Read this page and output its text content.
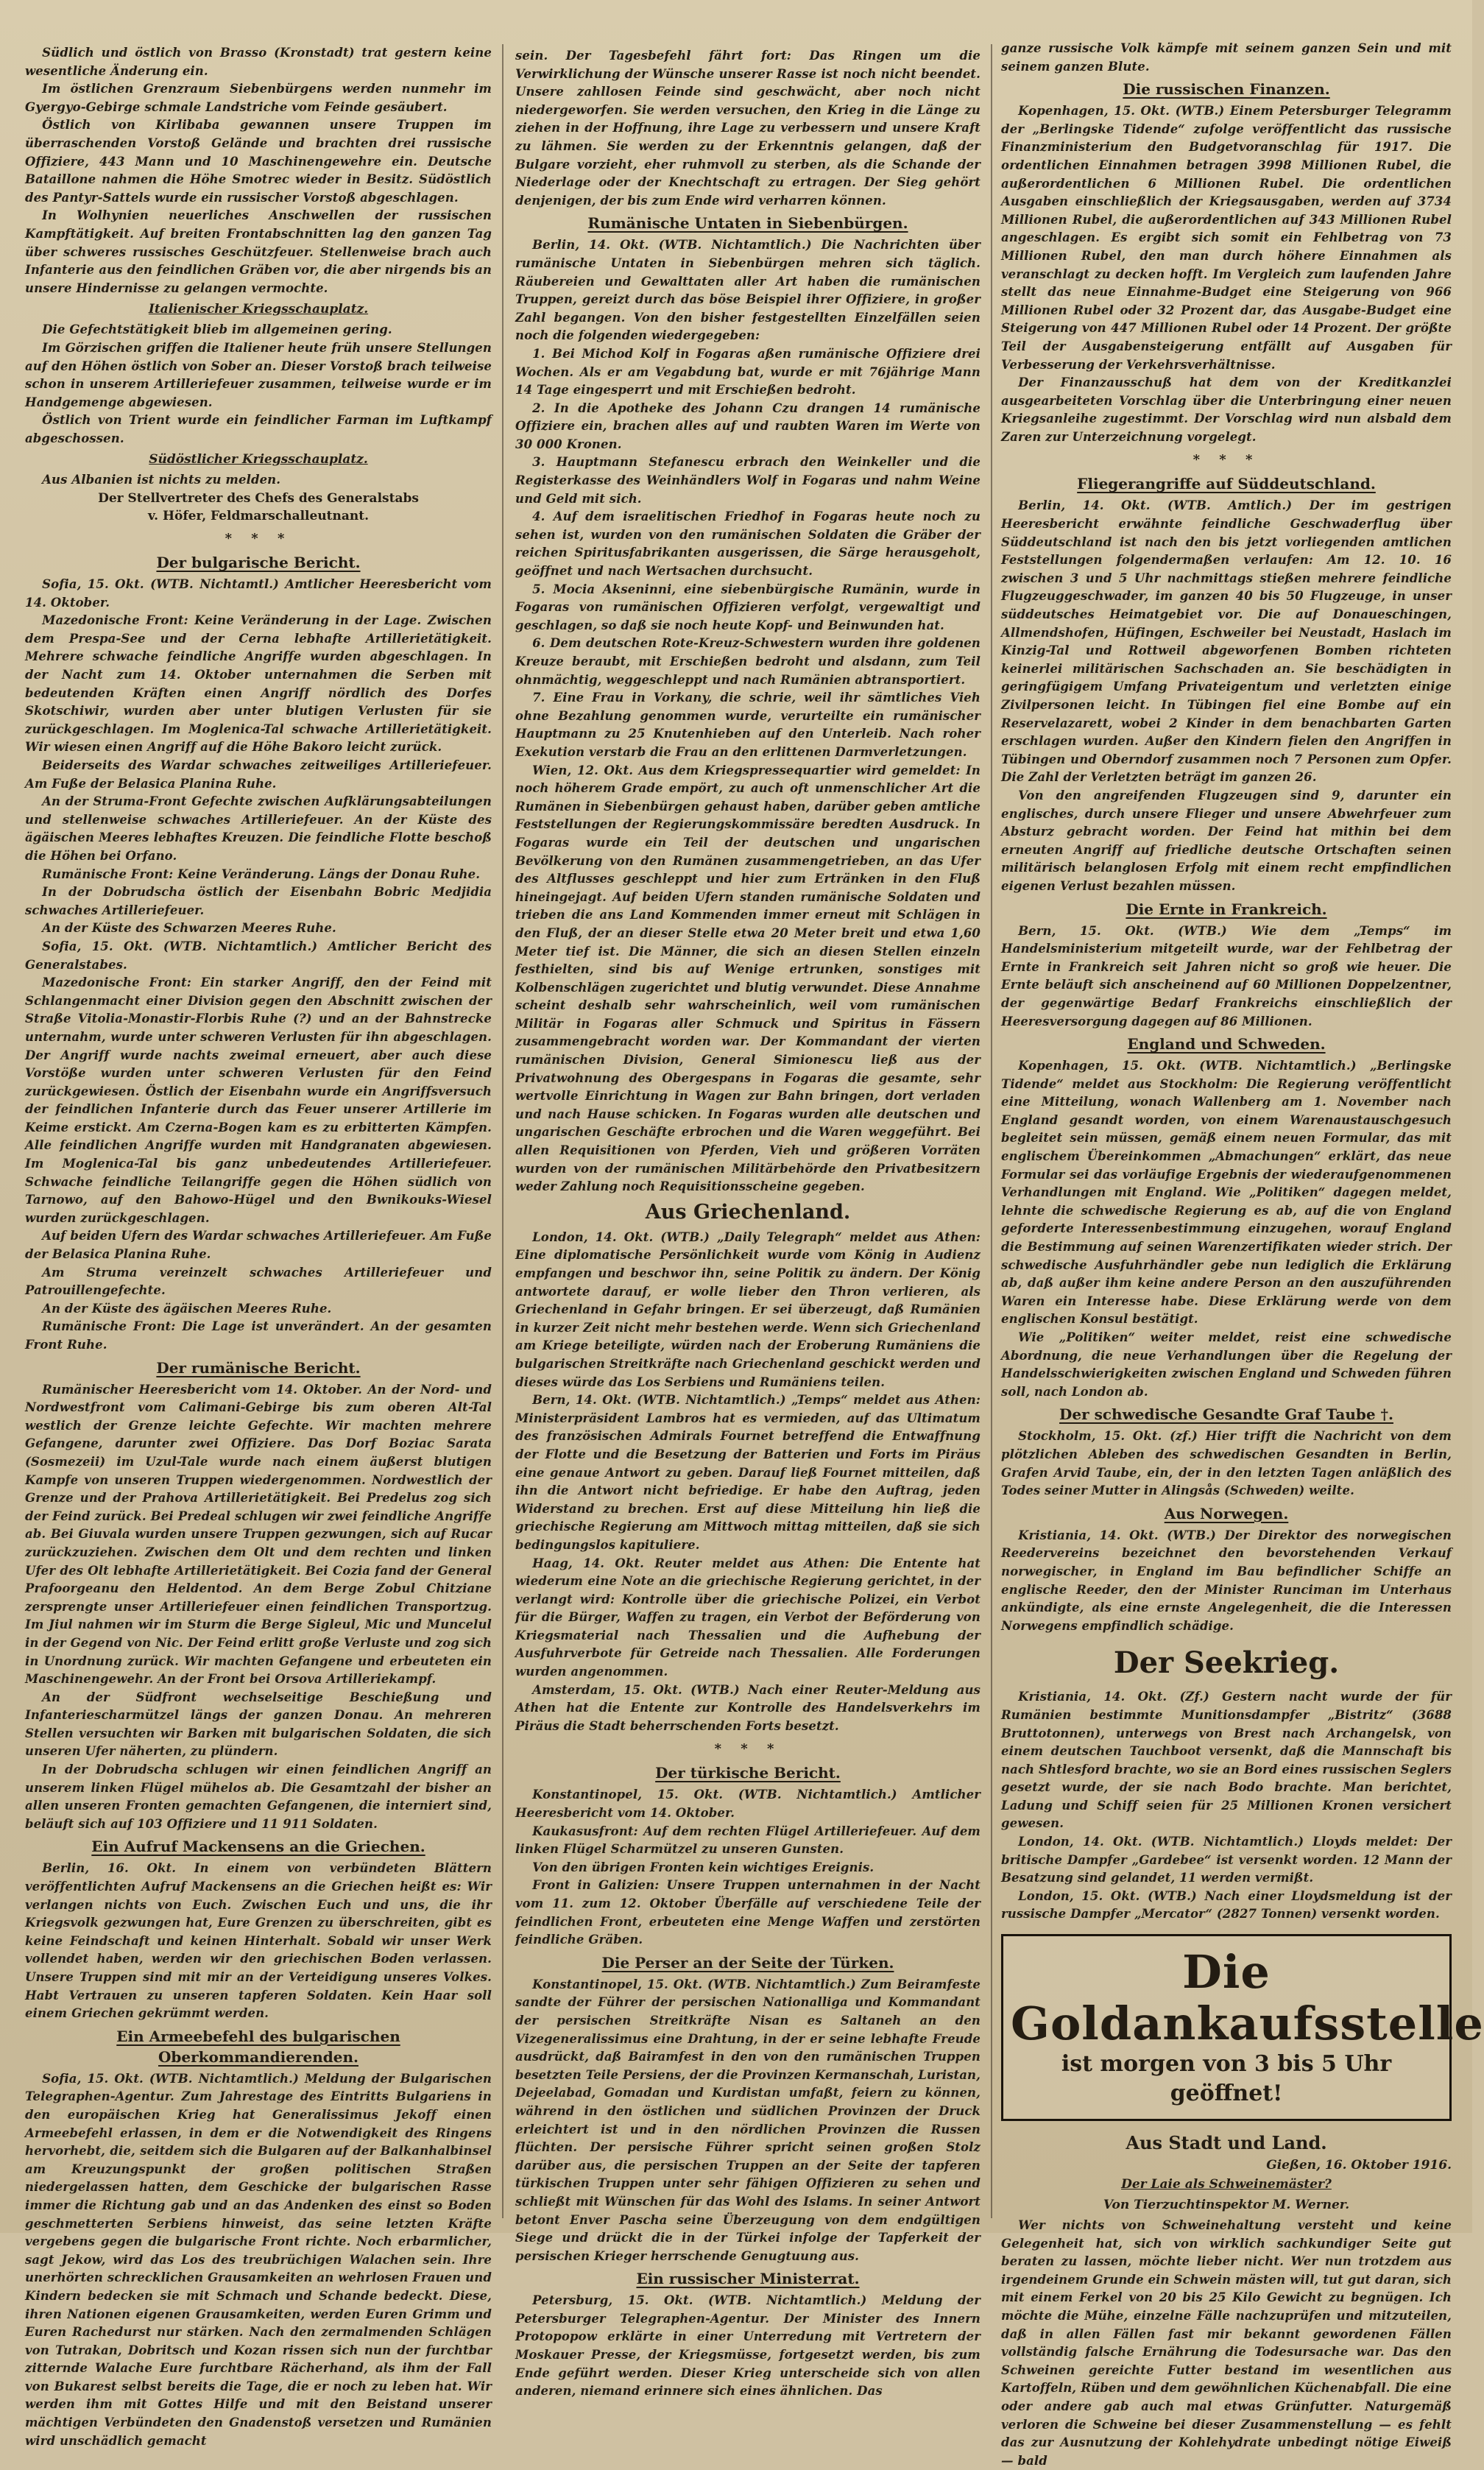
Südlich und östlich von Brasso (Kronstadt) trat gestern keine wesentliche Änderung ein.

Im östlichen Grenzraum Siebenbürgens werden nunmehr im Gyergyo-Gebirge schmale Landstriche vom Feinde gesäubert.

Östlich von Kirlibaba gewannen unsere Truppen im überraschenden Vorstoß Gelände und brachten drei russische Offiziere, 443 Mann und 10 Maschinengewehre ein. Deutsche Bataillone nahmen die Höhe Smotrec wieder in Besitz. Südöstlich des Pantyr-Sattels wurde ein russischer Vorstoß abgeschlagen.

In Wolhynien neuerliches Anschwellen der russischen Kampftätigkeit. Auf breiten Frontabschnitten lag den ganzen Tag über schweres russisches Geschützfeuer. Stellenweise brach auch Infanterie aus den feindlichen Gräben vor, die aber nirgends bis an unsere Hindernisse zu gelangen vermochte.

Italienischer Kriegsschauplatz.

Die Gefechtstätigkeit blieb im allgemeinen gering.

Im Görzischen griffen die Italiener heute früh unsere Stellungen auf den Höhen östlich von Sober an. Dieser Vorstoß brach teilweise schon in unserem Artilleriefeuer zusammen, teilweise wurde er im Handgemenge abgewiesen.

Östlich von Trient wurde ein feindlicher Farman im Luftkampf abgeschossen.

Südöstlicher Kriegsschauplatz.

Aus Albanien ist nichts zu melden.

Der Stellvertreter des Chefs des Generalstabs
v. Höfer, Feldmarschalleutnant.
* * *
Der bulgarische Bericht.

Sofia, 15. Okt. (WTB. Nichtamtl.) Amtlicher Heeresbericht vom 14. Oktober.

Mazedonische Front: Keine Veränderung in der Lage. Zwischen dem Prespa-See und der Cerna lebhafte Artillerietätigkeit. Mehrere schwache feindliche Angriffe wurden abgeschlagen. In der Nacht zum 14. Oktober unternahmen die Serben mit bedeutenden Kräften einen Angriff nördlich des Dorfes Skotschiwir, wurden aber unter blutigen Verlusten für sie zurückgeschlagen. Im Moglenica-Tal schwache Artillerietätigkeit. Wir wiesen einen Angriff auf die Höhe Bakoro leicht zurück.

Beiderseits des Wardar schwaches zeitweiliges Artilleriefeuer. Am Fuße der Belasica Planina Ruhe.

An der Struma-Front Gefechte zwischen Aufklärungsabteilungen und stellenweise schwaches Artilleriefeuer. An der Küste des ägäischen Meeres lebhaftes Kreuzen. Die feindliche Flotte beschoß die Höhen bei Orfano.

Rumänische Front: Keine Veränderung. Längs der Donau Ruhe.

In der Dobrudscha östlich der Eisenbahn Bobric Medjidia schwaches Artilleriefeuer.

An der Küste des Schwarzen Meeres Ruhe.

Sofia, 15. Okt. (WTB. Nichtamtlich.) Amtlicher Bericht des Generalstabes.

Mazedonische Front: Ein starker Angriff, den der Feind mit Schlangenmacht einer Division gegen den Abschnitt zwischen der Straße Vitolia-Monastir-Florbis Ruhe (?) und an der Bahnstrecke unternahm, wurde unter schweren Verlusten für ihn abgeschlagen. Der Angriff wurde nachts zweimal erneuert, aber auch diese Vorstöße wurden unter schweren Verlusten für den Feind zurückgewiesen. Östlich der Eisenbahn wurde ein Angriffsversuch der feindlichen Infanterie durch das Feuer unserer Artillerie im Keime erstickt. Am Czerna-Bogen kam es zu erbitterten Kämpfen. Alle feindlichen Angriffe wurden mit Handgranaten abgewiesen. Im Moglenica-Tal bis ganz unbedeutendes Artilleriefeuer. Schwache feindliche Teilangriffe gegen die Höhen südlich von Tarnowo, auf den Bahowo-Hügel und den Bwnikouks-Wiesel wurden zurückgeschlagen.

Auf beiden Ufern des Wardar schwaches Artilleriefeuer. Am Fuße der Belasica Planina Ruhe.

Am Struma vereinzelt schwaches Artilleriefeuer und Patrouillengefechte.

An der Küste des ägäischen Meeres Ruhe.

Rumänische Front: Die Lage ist unverändert. An der gesamten Front Ruhe.

Der rumänische Bericht.

Rumänischer Heeresbericht vom 14. Oktober. An der Nord- und Nordwestfront vom Calimani-Gebirge bis zum oberen Alt-Tal westlich der Grenze leichte Gefechte. Wir machten mehrere Gefangene, darunter zwei Offiziere. Das Dorf Boziac Sarata (Sosmezeii) im Uzul-Tale wurde nach einem äußerst blutigen Kampfe von unseren Truppen wiedergenommen. Nordwestlich der Grenze und der Prahova Artillerietätigkeit. Bei Predelus zog sich der Feind zurück. Bei Predeal schlugen wir zwei feindliche Angriffe ab. Bei Giuvala wurden unsere Truppen gezwungen, sich auf Rucar zurückzuziehen. Zwischen dem Olt und dem rechten und linken Ufer des Olt lebhafte Artillerietätigkeit. Bei Cozia fand der General Prafoorgeanu den Heldentod. An dem Berge Zobul Chitziane zersprengte unser Artilleriefeuer einen feindlichen Transportzug. Im Jiul nahmen wir im Sturm die Berge Sigleul, Mic und Muncelul in der Gegend von Nic. Der Feind erlitt große Verluste und zog sich in Unordnung zurück. Wir machten Gefangene und erbeuteten ein Maschinengewehr. An der Front bei Orsova Artilleriekampf.

An der Südfront wechselseitige Beschießung und Infanteriescharmützel längs der ganzen Donau. An mehreren Stellen versuchten wir Barken mit bulgarischen Soldaten, die sich unseren Ufer näherten, zu plündern.

In der Dobrudscha schlugen wir einen feindlichen Angriff an unserem linken Flügel mühelos ab. Die Gesamtzahl der bisher an allen unseren Fronten gemachten Gefangenen, die interniert sind, beläuft sich auf 103 Offiziere und 11 911 Soldaten.

Ein Aufruf Mackensens an die Griechen.

Berlin, 16. Okt. In einem von verbündeten Blättern veröffentlichten Aufruf Mackensens an die Griechen heißt es: Wir verlangen nichts von Euch. Zwischen Euch und uns, die ihr Kriegsvolk gezwungen hat, Eure Grenzen zu überschreiten, gibt es keine Feindschaft und keinen Hinterhalt. Sobald wir unser Werk vollendet haben, werden wir den griechischen Boden verlassen. Unsere Truppen sind mit mir an der Verteidigung unseres Volkes. Habt Vertrauen zu unseren tapferen Soldaten. Kein Haar soll einem Griechen gekrümmt werden.

Ein Armeebefehl des bulgarischen Oberkommandierenden.

Sofia, 15. Okt. (WTB. Nichtamtlich.) Meldung der Bulgarischen Telegraphen-Agentur. Zum Jahrestage des Eintritts Bulgariens in den europäischen Krieg hat Generalissimus Jekoff einen Armeebefehl erlassen, in dem er die Notwendigkeit des Ringens hervorhebt, die, seitdem sich die Bulgaren auf der Balkanhalbinsel am Kreuzungspunkt der großen politischen Straßen niedergelassen hatten, dem Geschicke der bulgarischen Rasse immer die Richtung gab und an das Andenken des einst so Boden geschmetterten Serbiens hinweist, das seine letzten Kräfte vergebens gegen die bulgarische Front richte. Noch erbarmlicher, sagt Jekow, wird das Los des treubrüchigen Walachen sein. Ihre unerhörten schrecklichen Grausamkeiten an wehrlosen Frauen und Kindern bedecken sie mit Schmach und Schande bedeckt. Diese, ihren Nationen eigenen Grausamkeiten, werden Euren Grimm und Euren Rachedurst nur stärken. Nach den zermalmenden Schlägen von Tutrakan, Dobritsch und Kozan rissen sich nun der furchtbar zitternde Walache Eure furchtbare Rächerhand, als ihm der Fall von Bukarest selbst bereits die Tage, die er noch zu leben hat. Wir werden ihm mit Gottes Hilfe und mit den Beistand unserer mächtigen Verbündeten den Gnadenstoß versetzen und Rumänien wird unschädlich gemacht

sein. Der Tagesbefehl fährt fort: Das Ringen um die Verwirklichung der Wünsche unserer Rasse ist noch nicht beendet. Unsere zahllosen Feinde sind geschwächt, aber noch nicht niedergeworfen. Sie werden versuchen, den Krieg in die Länge zu ziehen in der Hoffnung, ihre Lage zu verbessern und unsere Kraft zu lähmen. Sie werden zu der Erkenntnis gelangen, daß der Bulgare vorzieht, eher ruhmvoll zu sterben, als die Schande der Niederlage oder der Knechtschaft zu ertragen. Der Sieg gehört denjenigen, der bis zum Ende wird verharren können.

Rumänische Untaten in Siebenbürgen.

Berlin, 14. Okt. (WTB. Nichtamtlich.) Die Nachrichten über rumänische Untaten in Siebenbürgen mehren sich täglich. Räubereien und Gewalttaten aller Art haben die rumänischen Truppen, gereizt durch das böse Beispiel ihrer Offiziere, in großer Zahl begangen. Von den bisher festgestellten Einzelfällen seien noch die folgenden wiedergegeben:

1. Bei Michod Kolf in Fogaras aßen rumänische Offiziere drei Wochen. Als er am Vegabdung bat, wurde er mit 76jährige Mann 14 Tage eingesperrt und mit Erschießen bedroht.

2. In die Apotheke des Johann Czu drangen 14 rumänische Offiziere ein, brachen alles auf und raubten Waren im Werte von 30 000 Kronen.

3. Hauptmann Stefanescu erbrach den Weinkeller und die Registerkasse des Weinhändlers Wolf in Fogaras und nahm Weine und Geld mit sich.

4. Auf dem israelitischen Friedhof in Fogaras heute noch zu sehen ist, wurden von den rumänischen Soldaten die Gräber der reichen Spiritusfabrikanten ausgerissen, die Särge herausgeholt, geöffnet und nach Wertsachen durchsucht.

5. Mocia Akseninni, eine siebenbürgische Rumänin, wurde in Fogaras von rumänischen Offizieren verfolgt, vergewaltigt und geschlagen, so daß sie noch heute Kopf- und Beinwunden hat.

6. Dem deutschen Rote-Kreuz-Schwestern wurden ihre goldenen Kreuze beraubt, mit Erschießen bedroht und alsdann, zum Teil ohnmächtig, weggeschleppt und nach Rumänien abtransportiert.

7. Eine Frau in Vorkany, die schrie, weil ihr sämtliches Vieh ohne Bezahlung genommen wurde, verurteilte ein rumänischer Hauptmann zu 25 Knutenhieben auf den Unterleib. Nach roher Exekution verstarb die Frau an den erlittenen Darmverletzungen.

Wien, 12. Okt. Aus dem Kriegspressequartier wird gemeldet: In noch höherem Grade empört, zu auch oft unmenschlicher Art die Rumänen in Siebenbürgen gehaust haben, darüber geben amtliche Feststellungen der Regierungskommissäre beredten Ausdruck. In Fogaras wurde ein Teil der deutschen und ungarischen Bevölkerung von den Rumänen zusammengetrieben, an das Ufer des Altflusses geschleppt und hier zum Ertränken in den Fluß hineingejagt. Auf beiden Ufern standen rumänische Soldaten und trieben die ans Land Kommenden immer erneut mit Schlägen in den Fluß, der an dieser Stelle etwa 20 Meter breit und etwa 1,60 Meter tief ist. Die Männer, die sich an diesen Stellen einzeln festhielten, sind bis auf Wenige ertrunken, sonstiges mit Kolbenschlägen zugerichtet und blutig verwundet. Diese Annahme scheint deshalb sehr wahrscheinlich, weil vom rumänischen Militär in Fogaras aller Schmuck und Spiritus in Fässern zusammengebracht worden war. Der Kommandant der vierten rumänischen Division, General Simionescu ließ aus der Privatwohnung des Obergespans in Fogaras die gesamte, sehr wertvolle Einrichtung in Wagen zur Bahn bringen, dort verladen und nach Hause schicken. In Fogaras wurden alle deutschen und ungarischen Geschäfte erbrochen und die Waren weggeführt. Bei allen Requisitionen von Pferden, Vieh und größeren Vorräten wurden von der rumänischen Militärbehörde den Privatbesitzern weder Zahlung noch Requisitionsscheine gegeben.

Aus Griechenland.

London, 14. Okt. (WTB.) „Daily Telegraph“ meldet aus Athen: Eine diplomatische Persönlichkeit wurde vom König in Audienz empfangen und beschwor ihn, seine Politik zu ändern. Der König antwortete darauf, er wolle lieber den Thron verlieren, als Griechenland in Gefahr bringen. Er sei überzeugt, daß Rumänien in kurzer Zeit nicht mehr bestehen werde. Wenn sich Griechenland am Kriege beteiligte, würden nach der Eroberung Rumäniens die bulgarischen Streitkräfte nach Griechenland geschickt werden und dieses würde das Los Serbiens und Rumäniens teilen.

Bern, 14. Okt. (WTB. Nichtamtlich.) „Temps“ meldet aus Athen: Ministerpräsident Lambros hat es vermieden, auf das Ultimatum des französischen Admirals Fournet betreffend die Entwaffnung der Flotte und die Besetzung der Batterien und Forts im Piräus eine genaue Antwort zu geben. Darauf ließ Fournet mitteilen, daß ihn die Antwort nicht befriedige. Er habe den Auftrag, jeden Widerstand zu brechen. Erst auf diese Mitteilung hin ließ die griechische Regierung am Mittwoch mittag mitteilen, daß sie sich bedingungslos kapituliere.

Haag, 14. Okt. Reuter meldet aus Athen: Die Entente hat wiederum eine Note an die griechische Regierung gerichtet, in der verlangt wird: Kontrolle über die griechische Polizei, ein Verbot für die Bürger, Waffen zu tragen, ein Verbot der Beförderung von Kriegsmaterial nach Thessalien und die Aufhebung der Ausfuhrverbote für Getreide nach Thessalien. Alle Forderungen wurden angenommen.

Amsterdam, 15. Okt. (WTB.) Nach einer Reuter-Meldung aus Athen hat die Entente zur Kontrolle des Handelsverkehrs im Piräus die Stadt beherrschenden Forts besetzt.

* * *
Der türkische Bericht.

Konstantinopel, 15. Okt. (WTB. Nichtamtlich.) Amtlicher Heeresbericht vom 14. Oktober.

Kaukasusfront: Auf dem rechten Flügel Artilleriefeuer. Auf dem linken Flügel Scharmützel zu unseren Gunsten.

Von den übrigen Fronten kein wichtiges Ereignis.

Front in Galizien: Unsere Truppen unternahmen in der Nacht vom 11. zum 12. Oktober Überfälle auf verschiedene Teile der feindlichen Front, erbeuteten eine Menge Waffen und zerstörten feindliche Gräben.

Die Perser an der Seite der Türken.

Konstantinopel, 15. Okt. (WTB. Nichtamtlich.) Zum Beiramfeste sandte der Führer der persischen Nationalliga und Kommandant der persischen Streitkräfte Nisan es Saltaneh an den Vizegeneralissimus eine Drahtung, in der er seine lebhafte Freude ausdrückt, daß Bairamfest in den von den rumänischen Truppen besetzten Teile Persiens, der die Provinzen Kermanschah, Luristan, Dejeelabad, Gomadan und Kurdistan umfaßt, feiern zu können, während in den östlichen und südlichen Provinzen der Druck erleichtert ist und in den nördlichen Provinzen die Russen flüchten. Der persische Führer spricht seinen großen Stolz darüber aus, die persischen Truppen an der Seite der tapferen türkischen Truppen unter sehr fähigen Offizieren zu sehen und schließt mit Wünschen für das Wohl des Islams. In seiner Antwort betont Enver Pascha seine Überzeugung von dem endgültigen Siege und drückt die in der Türkei infolge der Tapferkeit der persischen Krieger herrschende Genugtuung aus.

Ein russischer Ministerrat.

Petersburg, 15. Okt. (WTB. Nichtamtlich.) Meldung der Petersburger Telegraphen-Agentur. Der Minister des Innern Protopopow erklärte in einer Unterredung mit Vertretern der Moskauer Presse, der Kriegsmüsse, fortgesetzt werden, bis zum Ende geführt werden. Dieser Krieg unterscheide sich von allen anderen, niemand erinnere sich eines ähnlichen. Das

ganze russische Volk kämpfe mit seinem ganzen Sein und mit seinem ganzen Blute.

Die russischen Finanzen.

Kopenhagen, 15. Okt. (WTB.) Einem Petersburger Telegramm der „Berlingske Tidende“ zufolge veröffentlicht das russische Finanzministerium den Budgetvoranschlag für 1917. Die ordentlichen Einnahmen betragen 3998 Millionen Rubel, die außerordentlichen 6 Millionen Rubel. Die ordentlichen Ausgaben einschließlich der Kriegsausgaben, werden auf 3734 Millionen Rubel, die außerordentlichen auf 343 Millionen Rubel angeschlagen. Es ergibt sich somit ein Fehlbetrag von 73 Millionen Rubel, den man durch höhere Einnahmen als veranschlagt zu decken hofft. Im Vergleich zum laufenden Jahre stellt das neue Einnahme-Budget eine Steigerung von 966 Millionen Rubel oder 32 Prozent dar, das Ausgabe-Budget eine Steigerung von 447 Millionen Rubel oder 14 Prozent. Der größte Teil der Ausgabensteigerung entfällt auf Ausgaben für Verbesserung der Verkehrsverhältnisse.

Der Finanzausschuß hat dem von der Kreditkanzlei ausgearbeiteten Vorschlag über die Unterbringung einer neuen Kriegsanleihe zugestimmt. Der Vorschlag wird nun alsbald dem Zaren zur Unterzeichnung vorgelegt.

* * *
Fliegerangriffe auf Süddeutschland.

Berlin, 14. Okt. (WTB. Amtlich.) Der im gestrigen Heeresbericht erwähnte feindliche Geschwaderflug über Süddeutschland ist nach den bis jetzt vorliegenden amtlichen Feststellungen folgendermaßen verlaufen: Am 12. 10. 16 zwischen 3 und 5 Uhr nachmittags stießen mehrere feindliche Flugzeuggeschwader, im ganzen 40 bis 50 Flugzeuge, in unser süddeutsches Heimatgebiet vor. Die auf Donaueschingen, Allmendshofen, Hüfingen, Eschweiler bei Neustadt, Haslach im Kinzig-Tal und Rottweil abgeworfenen Bomben richteten keinerlei militärischen Sachschaden an. Sie beschädigten in geringfügigem Umfang Privateigentum und verletzten einige Zivilpersonen leicht. In Tübingen fiel eine Bombe auf ein Reservelazarett, wobei 2 Kinder in dem benachbarten Garten erschlagen wurden. Außer den Kindern fielen den Angriffen in Tübingen und Oberndorf zusammen noch 7 Personen zum Opfer. Die Zahl der Verletzten beträgt im ganzen 26.

Von den angreifenden Flugzeugen sind 9, darunter ein englisches, durch unsere Flieger und unsere Abwehrfeuer zum Absturz gebracht worden. Der Feind hat mithin bei dem erneuten Angriff auf friedliche deutsche Ortschaften seinen militärisch belanglosen Erfolg mit einem recht empfindlichen eigenen Verlust bezahlen müssen.

Die Ernte in Frankreich.

Bern, 15. Okt. (WTB.) Wie dem „Temps“ im Handelsministerium mitgeteilt wurde, war der Fehlbetrag der Ernte in Frankreich seit Jahren nicht so groß wie heuer. Die Ernte beläuft sich anscheinend auf 60 Millionen Doppelzentner, der gegenwärtige Bedarf Frankreichs einschließlich der Heeresversorgung dagegen auf 86 Millionen.

England und Schweden.

Kopenhagen, 15. Okt. (WTB. Nichtamtlich.) „Berlingske Tidende“ meldet aus Stockholm: Die Regierung veröffentlicht eine Mitteilung, wonach Wallenberg am 1. November nach England gesandt worden, von einem Warenaustauschgesuch begleitet sein müssen, gemäß einem neuen Formular, das mit englischem Übereinkommen „Abmachungen“ erklärt, das neue Formular sei das vorläufige Ergebnis der wiederaufgenommenen Verhandlungen mit England. Wie „Politiken“ dagegen meldet, lehnte die schwedische Regierung es ab, auf die von England geforderte Interessenbestimmung einzugehen, worauf England die Bestimmung auf seinen Warenzertifikaten wieder strich. Der schwedische Ausfuhrhändler gebe nun lediglich die Erklärung ab, daß außer ihm keine andere Person an den auszuführenden Waren ein Interesse habe. Diese Erklärung werde von dem englischen Konsul bestätigt.

Wie „Politiken“ weiter meldet, reist eine schwedische Abordnung, die neue Verhandlungen über die Regelung der Handelsschwierigkeiten zwischen England und Schweden führen soll, nach London ab.

Der schwedische Gesandte Graf Taube †.

Stockholm, 15. Okt. (zf.) Hier trifft die Nachricht von dem plötzlichen Ableben des schwedischen Gesandten in Berlin, Grafen Arvid Taube, ein, der in den letzten Tagen anläßlich des Todes seiner Mutter in Alingsås (Schweden) weilte.

Aus Norwegen.

Kristiania, 14. Okt. (WTB.) Der Direktor des norwegischen Reedervereins bezeichnet den bevorstehenden Verkauf norwegischer, in England im Bau befindlicher Schiffe an englische Reeder, den der Minister Runciman im Unterhaus ankündigte, als eine ernste Angelegenheit, die die Interessen Norwegens empfindlich schädige.

Der Seekrieg.

Kristiania, 14. Okt. (Zf.) Gestern nacht wurde der für Rumänien bestimmte Munitionsdampfer „Bistritz“ (3688 Bruttotonnen), unterwegs von Brest nach Archangelsk, von einem deutschen Tauchboot versenkt, daß die Mannschaft bis nach Shtlesford brachte, wo sie an Bord eines russischen Seglers gesetzt wurde, der sie nach Bodo brachte. Man berichtet, Ladung und Schiff seien für 25 Millionen Kronen versichert gewesen.

London, 14. Okt. (WTB. Nichtamtlich.) Lloyds meldet: Der britische Dampfer „Gardebee“ ist versenkt worden. 12 Mann der Besatzung sind gelandet, 11 werden vermißt.

London, 15. Okt. (WTB.) Nach einer Lloydsmeldung ist der russische Dampfer „Mercator“ (2827 Tonnen) versenkt worden.

Die Goldankaufsstelle
ist morgen von 3 bis 5 Uhr geöffnet!
Aus Stadt und Land.
Gießen, 16. Oktober 1916.
Der Laie als Schweinemäster?
Von Tierzuchtinspektor M. Werner.

Wer nichts von Schweinehaltung versteht und keine Gelegenheit hat, sich von wirklich sachkundiger Seite gut beraten zu lassen, möchte lieber nicht. Wer nun trotzdem aus irgendeinem Grunde ein Schwein mästen will, tut gut daran, sich mit einem Ferkel von 20 bis 25 Kilo Gewicht zu begnügen. Ich möchte die Mühe, einzelne Fälle nachzuprüfen und mitzuteilen, daß in allen Fällen fast mir bekannt gewordenen Fällen vollständig falsche Ernährung die Todesursache war. Das den Schweinen gereichte Futter bestand im wesentlichen aus Kartoffeln, Rüben und dem gewöhnlichen Küchenabfall. Die eine oder andere gab auch mal etwas Grünfutter. Naturgemäß verloren die Schweine bei dieser Zusammenstellung — es fehlt das zur Ausnutzung der Kohlehydrate unbedingt nötige Eiweiß — bald
